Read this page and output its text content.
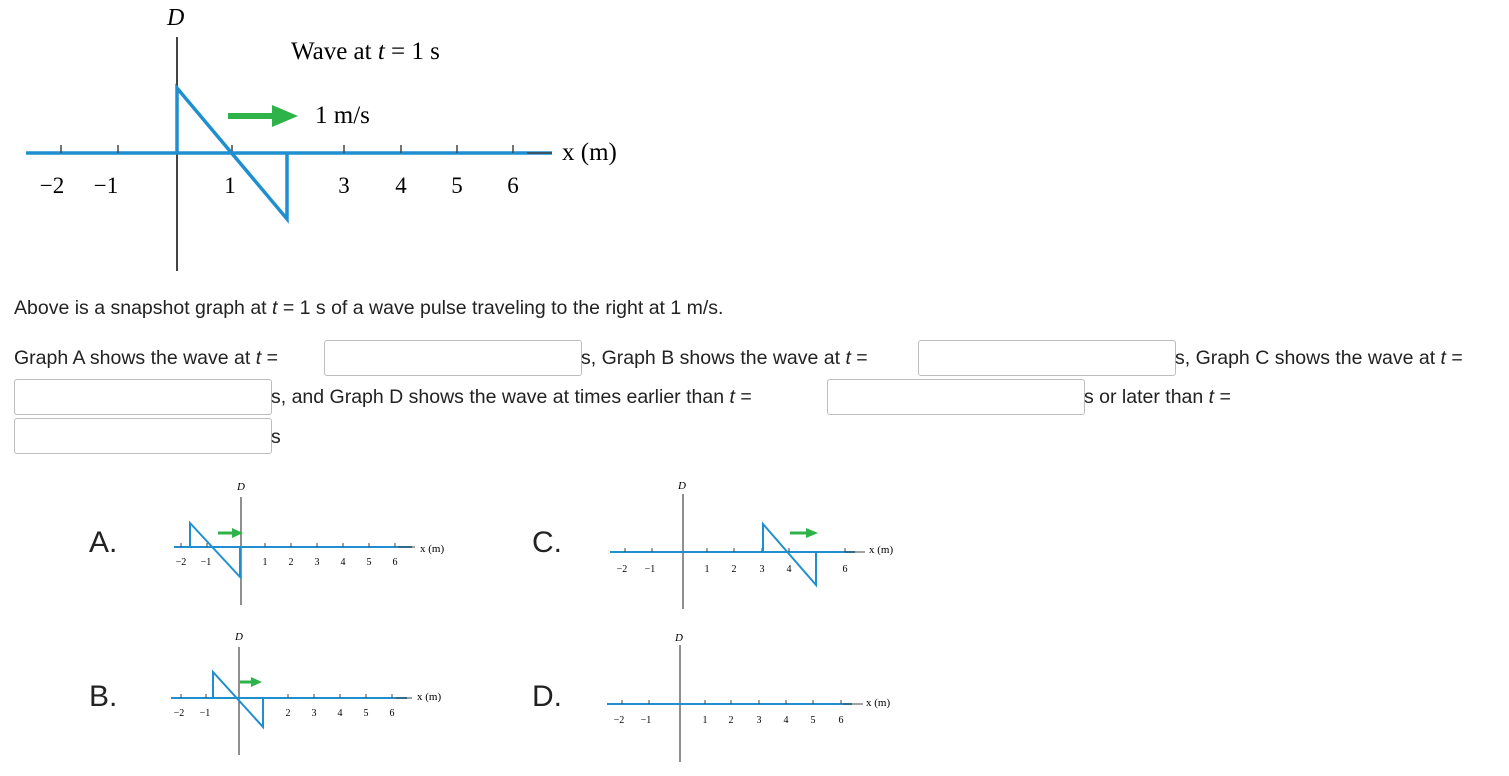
D
Wave at t = 1 s
1 m/s
x (m)
−2 −1	1	3 4 5 6
Above is a snapshot graph at t = 1 s of a wave pulse traveling to the right at 1 m/s.
Graph A shows the wave at t =	s, Graph B shows the wave at t =	s, Graph C shows the wave at t =
s, and Graph D shows the wave at times earlier than t =	s or later than t =
s
A.
B.
C.
D.
D
x (m)
−2 −1	1 2 3 4 5 6
D
x (m)
−2 −1	2 3 4 5 6
D
x (m)
−2 −1	1 2 3 4	6
D
x (m)
−2 −1	1 2 3 4 5 6
